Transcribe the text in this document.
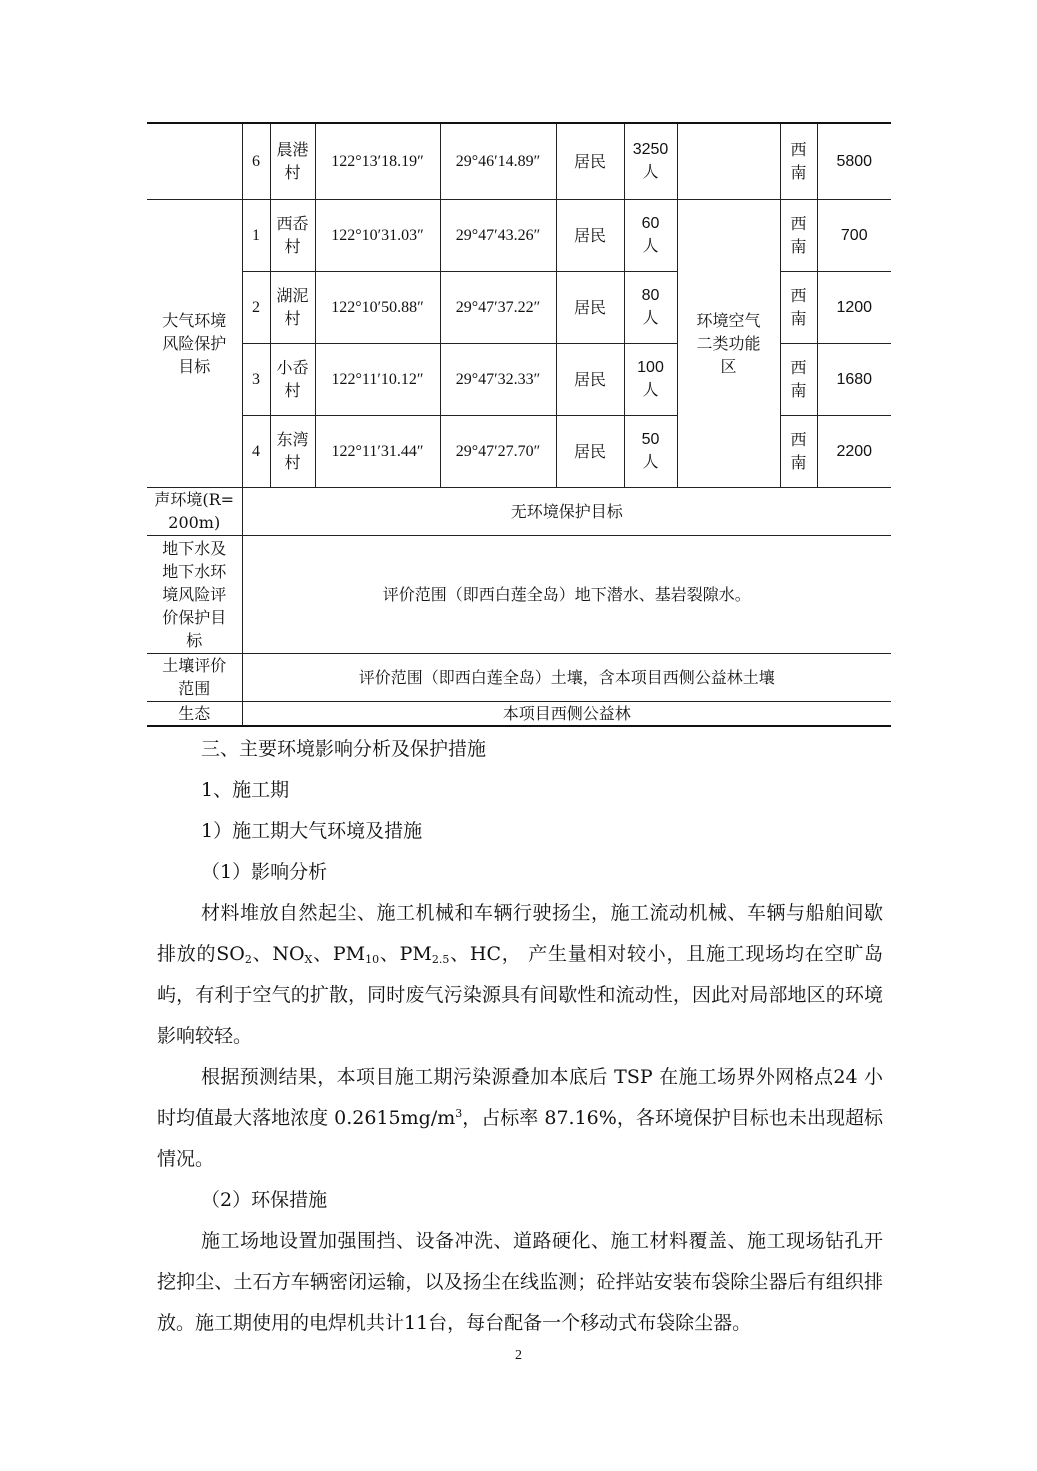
	6	晨港村	122°13′18.19″	29°46′14.89″	居民	3250人		西南	5800
大气环境风险保护目标	1	西岙村	122°10′31.03″	29°47′43.26″	居民	60人	环境空气二类功能区	西南	700
	2	湖泥村	122°10′50.88″	29°47′37.22″	居民	80人		西南	1200
	3	小岙村	122°11′10.12″	29°47′32.33″	居民	100人		西南	1680
	4	东湾村	122°11′31.44″	29°47′27.70″	居民	50人		西南	2200
声环境(R=200m)	无环境保护目标								
地下水及地下水环境风险评价保护目标	评价范围（即西白莲全岛）地下潜水、基岩裂隙水。								
土壤评价范围	评价范围（即西白莲全岛）土壤，含本项目西侧公益林土壤								
生态	本项目西侧公益林								

三、主要环境影响分析及保护措施

1、施工期

1）施工期大气环境及措施

（1）影响分析

材料堆放自然起尘、施工机械和车辆行驶扬尘，施工流动机械、车辆与船舶间歇排放的$SO_2$、$NO_X$、$PM_{10}$、$PM_{2.5}$、HC， 产生量相对较小，且施工现场均在空旷岛屿，有利于空气的扩散，同时废气污染源具有间歇性和流动性，因此对局部地区的环境影响较轻。

根据预测结果，本项目施工期污染源叠加本底后 TSP 在施工场界外网格点24 小时均值最大落地浓度 $0.2615mg/m^3$，占标率 87.16%，各环境保护目标也未出现超标情况。

（2）环保措施

施工场地设置加强围挡、设备冲洗、道路硬化、施工材料覆盖、施工现场钻孔开挖抑尘、土石方车辆密闭运输，以及扬尘在线监测；砼拌站安装布袋除尘器后有组织排放。施工期使用的电焊机共计11台，每台配备一个移动式布袋除尘器。

2
